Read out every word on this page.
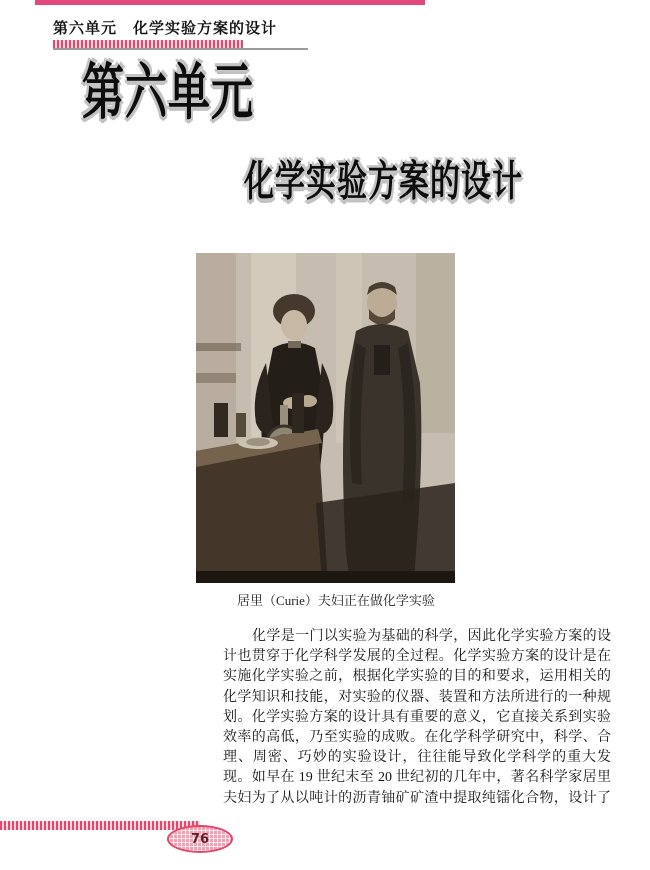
第六单元　化学实验方案的设计
第六单元
化学实验方案的设计
居里（Curie）夫妇正在做化学实验
化学是一门以实验为基础的科学，因此化学实验方案的设
计也贯穿于化学科学发展的全过程。化学实验方案的设计是在
实施化学实验之前，根据化学实验的目的和要求，运用相关的
化学知识和技能，对实验的仪器、装置和方法所进行的一种规
划。化学实验方案的设计具有重要的意义，它直接关系到实验
效率的高低，乃至实验的成败。在化学科学研究中，科学、合
理、周密、巧妙的实验设计，往往能导致化学科学的重大发
现。如早在 19 世纪末至 20 世纪初的几年中，著名科学家居里
夫妇为了从以吨计的沥青铀矿矿渣中提取纯镭化合物，设计了
76
